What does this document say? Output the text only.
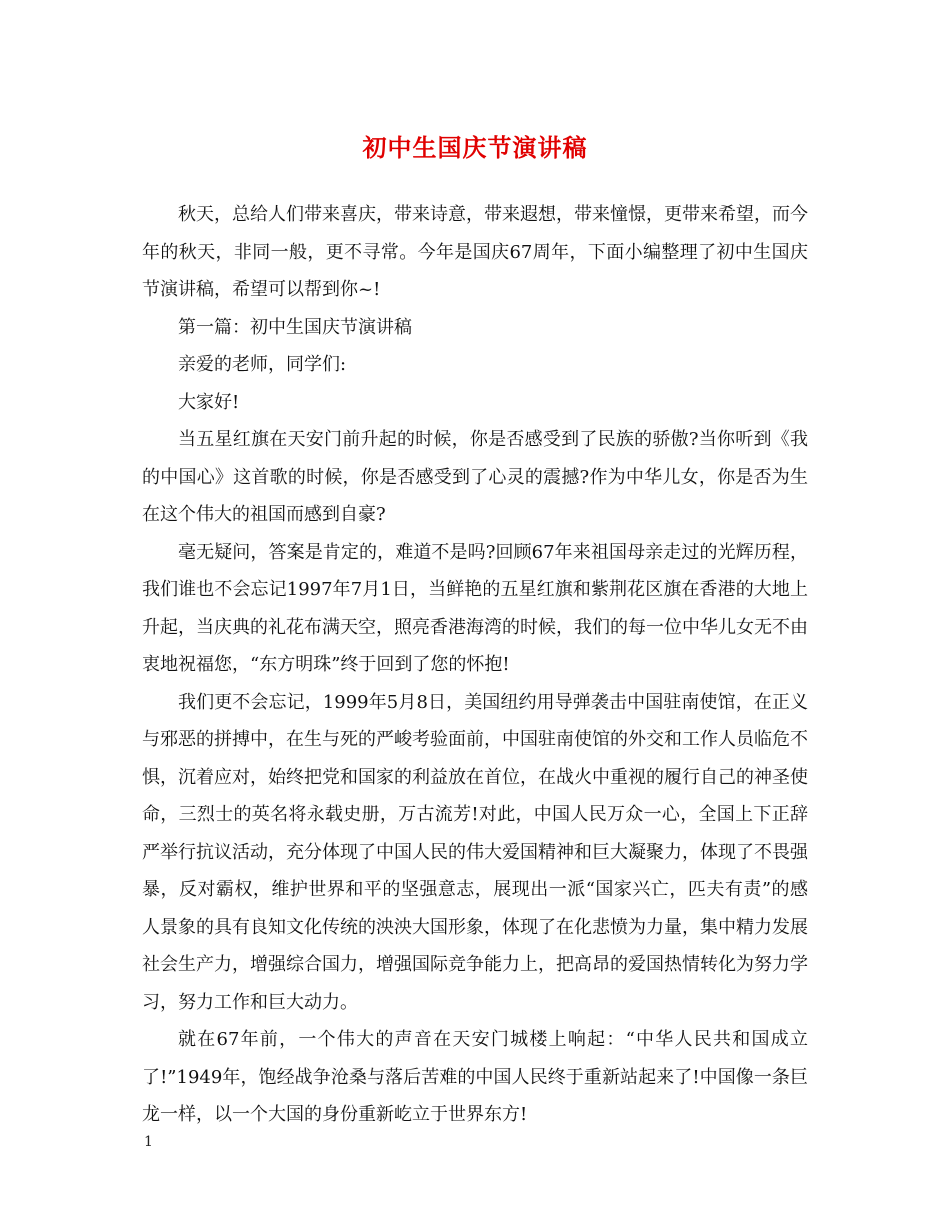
初中生国庆节演讲稿

秋天，总给人们带来喜庆，带来诗意，带来遐想，带来憧憬，更带来希望，而今年的秋天，非同一般，更不寻常。今年是国庆67周年，下面小编整理了初中生国庆节演讲稿，希望可以帮到你~!

第一篇：初中生国庆节演讲稿

亲爱的老师，同学们:

大家好!

当五星红旗在天安门前升起的时候，你是否感受到了民族的骄傲?当你听到《我的中国心》这首歌的时候，你是否感受到了心灵的震撼?作为中华儿女，你是否为生在这个伟大的祖国而感到自豪?

毫无疑问，答案是肯定的，难道不是吗?回顾67年来祖国母亲走过的光辉历程，我们谁也不会忘记1997年7月1日，当鲜艳的五星红旗和紫荆花区旗在香港的大地上升起，当庆典的礼花布满天空，照亮香港海湾的时候，我们的每一位中华儿女无不由衷地祝福您，“东方明珠”终于回到了您的怀抱!

我们更不会忘记，1999年5月8日，美国纽约用导弹袭击中国驻南使馆，在正义与邪恶的拼搏中，在生与死的严峻考验面前，中国驻南使馆的外交和工作人员临危不惧，沉着应对，始终把党和国家的利益放在首位，在战火中重视的履行自己的神圣使命，三烈士的英名将永载史册，万古流芳!对此，中国人民万众一心，全国上下正辞严举行抗议活动，充分体现了中国人民的伟大爱国精神和巨大凝聚力，体现了不畏强暴，反对霸权，维护世界和平的坚强意志，展现出一派“国家兴亡，匹夫有责”的感人景象的具有良知文化传统的泱泱大国形象，体现了在化悲愤为力量，集中精力发展社会生产力，增强综合国力，增强国际竞争能力上，把高昂的爱国热情转化为努力学习，努力工作和巨大动力。

就在67年前，一个伟大的声音在天安门城楼上响起：“中华人民共和国成立了!”1949年，饱经战争沧桑与落后苦难的中国人民终于重新站起来了!中国像一条巨龙一样，以一个大国的身份重新屹立于世界东方!

1
